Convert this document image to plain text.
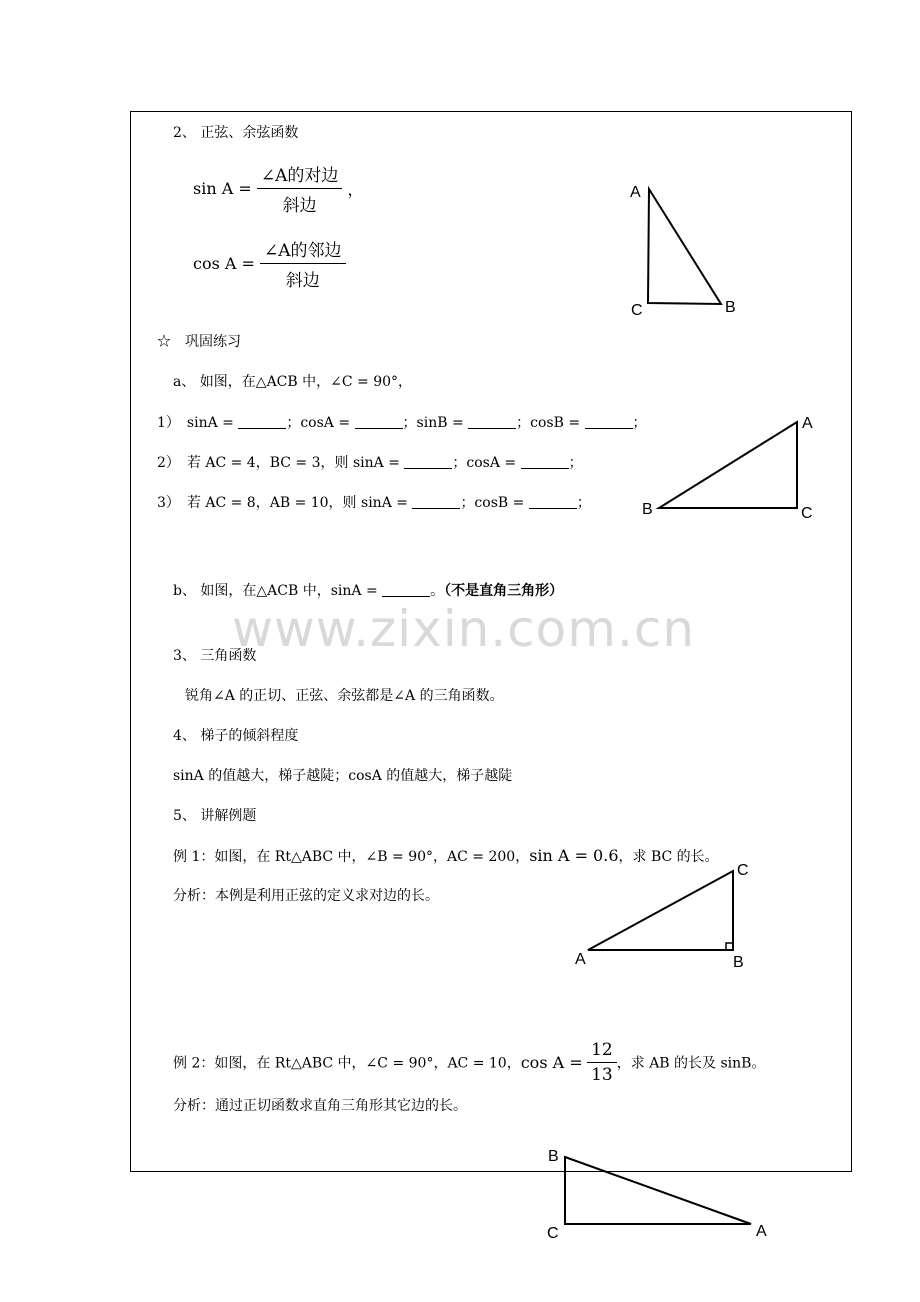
www.zixin.com.cn
2、 正弦、余弦函数
$\sin A = \frac{\text{∠A的对边}}{\text{斜边}}$ ，
$\cos A = \frac{\text{∠A的邻边}}{\text{斜边}}$
☆　巩固练习
a、 如图，在△ACB 中，∠C = 90°，
1）　sinA =	；cosA =	；sinB =	；cosB =	；
2）　若 AC = 4，BC = 3，则 sinA =	；cosA =	；
3）　若 AC = 8，AB = 10，则 sinA =	；cosB =	；
b、 如图，在△ACB 中，sinA =	。（不是直角三角形）
3、 三角函数
锐角∠A 的正切、正弦、余弦都是∠A 的三角函数。
4、 梯子的倾斜程度
sinA 的值越大，梯子越陡；cosA 的值越大，梯子越陡
5、 讲解例题
例 1：如图，在 Rt△ABC 中，∠B = 90°，AC = 200，sin A = 0.6，求 BC 的长。
分析：本例是利用正弦的定义求对边的长。
例 2：如图，在 Rt△ABC 中，∠C = 90°，AC = 10，$\cos A = \frac{12}{13}$ ，求 AB 的长及 sinB。
分析：通过正切函数求直角三角形其它边的长。
A
B
C
A
B	C
A	B
C
A
B
C
